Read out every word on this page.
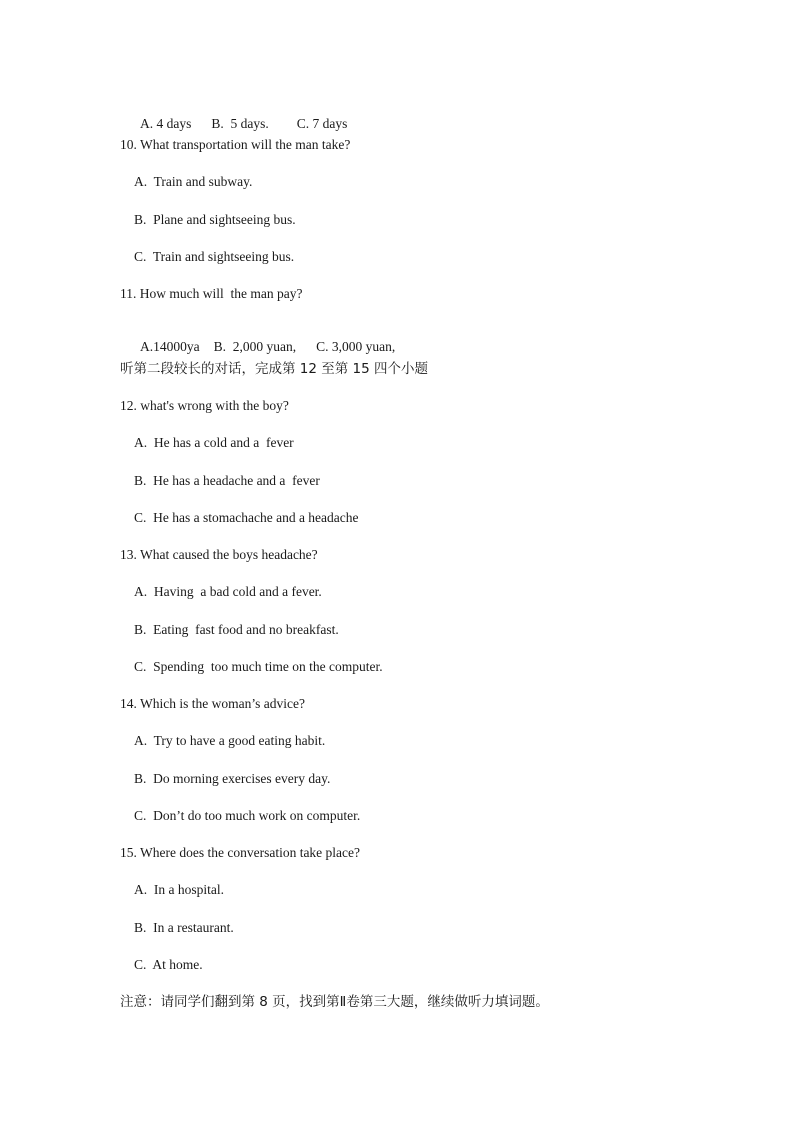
A. 4 days B.  5 days. C. 7 days

10. What transportation will the man take?
A.  Train and subway.
B.  Plane and sightseeing bus.
C.  Train and sightseeing bus.
11. How much will  the man pay?

A.14000ya B.  2,000 yuan, C. 3,000 yuan,

听第二段较长的对话，完成第 12 至第 15 四个小题
12. what's wrong with the boy?
A.  He has a cold and a  fever
B.  He has a headache and a  fever
C.  He has a stomachache and a headache
13. What caused the boys headache?
A.  Having  a bad cold and a fever.
B.  Eating  fast food and no breakfast.
C.  Spending  too much time on the computer.
14. Which is the woman’s advice?
A.  Try to have a good eating habit.
B.  Do morning exercises every day.
C.  Don’t do too much work on computer.
15. Where does the conversation take place?
A.  In a hospital.
B.  In a restaurant.
C.  At home.
注意：请同学们翻到第 8 页，找到第Ⅱ卷第三大题，继续做听力填词题。
